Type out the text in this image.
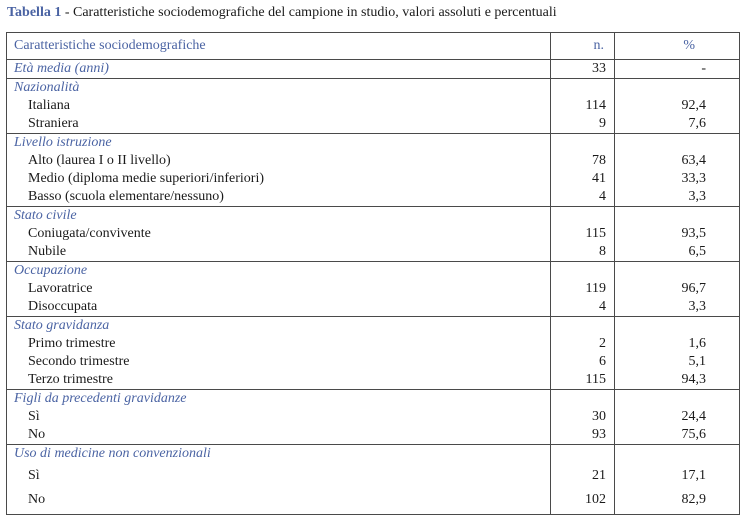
Tabella 1 - Caratteristiche sociodemografiche del campione in studio, valori assoluti e percentuali
Caratteristiche sociodemografiche	n.	%
Età media (anni)	33	-
Nazionalità		
Italiana	114	92,4
Straniera	9	7,6
Livello istruzione		
Alto (laurea I o II livello)	78	63,4
Medio (diploma medie superiori/inferiori)	41	33,3
Basso (scuola elementare/nessuno)	4	3,3
Stato civile		
Coniugata/convivente	115	93,5
Nubile	8	6,5
Occupazione		
Lavoratrice	119	96,7
Disoccupata	4	3,3
Stato gravidanza		
Primo trimestre	2	1,6
Secondo trimestre	6	5,1
Terzo trimestre	115	94,3
Figli da precedenti gravidanze		
Sì	30	24,4
No	93	75,6
Uso di medicine non convenzionali		
Sì	21	17,1
No	102	82,9
